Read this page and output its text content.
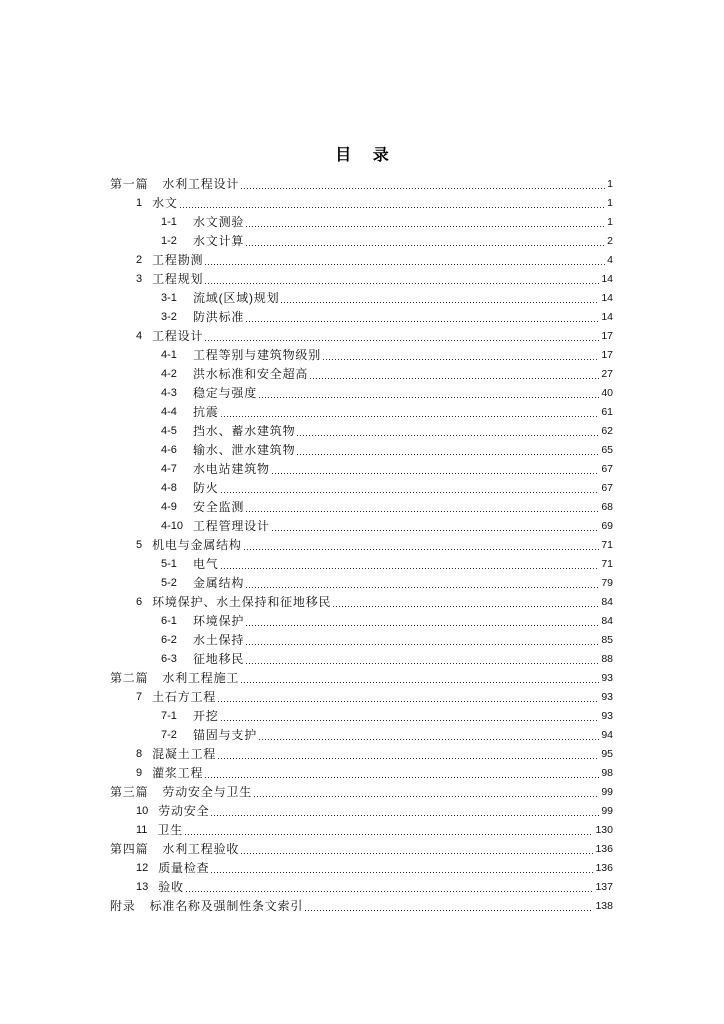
目 录
第一篇 水利工程设计	1
1 水文	1
1-1	水文测验	1
1-2	水文计算	2
2 工程勘测	4
3 工程规划	14
3-1	流域(区域)规划	14
3-2	防洪标准	14
4 工程设计	17
4-1	工程等别与建筑物级别	17
4-2	洪水标准和安全超高	27
4-3	稳定与强度	40
4-4	抗震	61
4-5	挡水、蓄水建筑物	62
4-6	输水、泄水建筑物	65
4-7	水电站建筑物	67
4-8	防火	67
4-9	安全监测	68
4-10 工程管理设计	69
5 机电与金属结构	71
5-1	电气	71
5-2	金属结构	79
6 环境保护、水土保持和征地移民	84
6-1	环境保护	84
6-2	水土保持	85
6-3	征地移民	88
第二篇 水利工程施工	93
7 土石方工程	93
7-1	开挖	93
7-2	锚固与支护	94
8 混凝土工程	95
9 灌浆工程	98
第三篇 劳动安全与卫生	99
10 劳动安全	99
11 卫生	130
第四篇 水利工程验收	136
12 质量检查	136
13 验收	137
附录 标准名称及强制性条文索引	138
